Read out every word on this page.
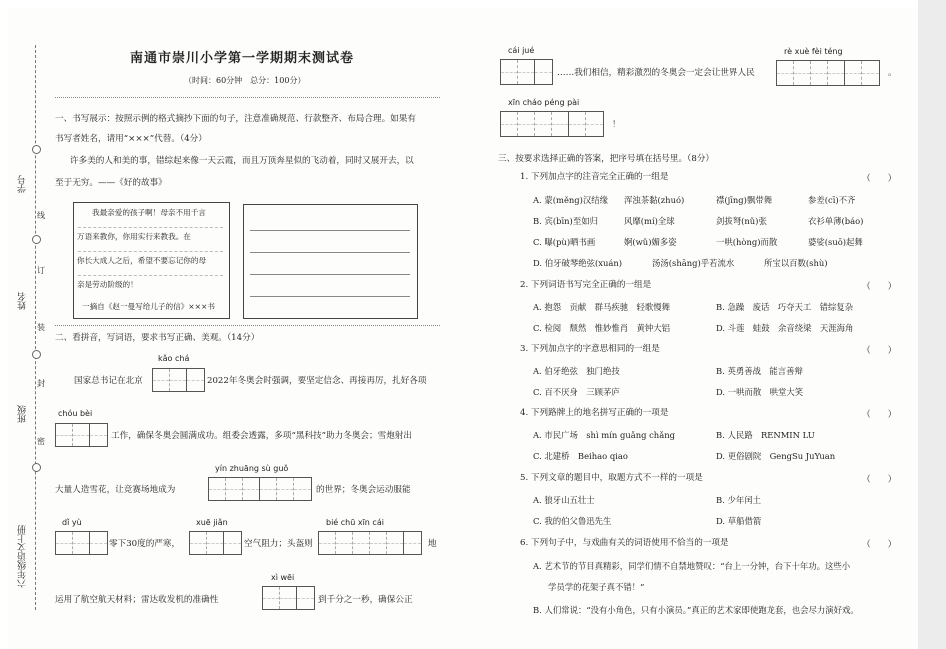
学号
姓名
班级
六年级语文上册
线
订
装
封
密
南通市崇川小学第一学期期末测试卷
（时间：60分钟　总分：100分）
一、书写展示：按照示例的格式摘抄下面的句子，注意准确规范、行款整齐、布局合理。如果有
书写者姓名，请用“×××”代替。（4分）
许多美的人和美的事，错综起来像一天云霞，而且万顶奔星似的飞动着，同时又展开去，以
至于无穷。——《好的故事》
我最亲爱的孩子啊！母亲不用千言
万语来教你，你用实行来教我。在
你长大成人之后，希望不要忘记你的母
亲是劳动阶级的！
一摘自《赵一曼写给儿子的信》×××书
二、看拼音，写词语，要求书写正确、美观。（14分）
kǎo chá
国家总书记在北京	2022年冬奥会时强调，要坚定信念、再接再厉，扎好各项
chóu bèi
工作，确保冬奥会圆满成功。组委会透露，多项“黑科技”助力冬奥会；雪炮射出
yín zhuāng sù guǒ
大量人造雪花，让竞赛场地成为	的世界；冬奥会运动服能
dǐ yù
零下30度的严寒，
xuē jiǎn
空气阻力；头盔则
bié chū xīn cái
地
xì wēi
运用了航空航天材料；雷达收发机的准确性	到千分之一秒，确保公正
cái jué
……我们相信，精彩激烈的冬奥会一定会让世界人民
rè xuè fèi téng
。
xīn cháo péng pài
！
三、按要求选择正确的答案，把序号填在括号里。（8分）
1. 下列加点字的注音完全正确的一组是	（　　）
A. 蒙(měng)汉结缘 浑浊茶黏(zhuó)	襟(jīng)飘带舞	参差(cī)不齐
B. 宾(bīn)至如归	风靡(mí)全球	剑拔弩(nǔ)张	衣衫单薄(báo)
C. 曝(pù)晒书画	婀(wǔ)媚多姿	一哄(hòng)而散	婆娑(suō)起舞
D. 伯牙破琴绝弦(xuán)	汤汤(shāng)乎若流水	所宝以百数(shù)
2. 下列词语书写完全正确的一组是	（　　）
A. 抱怨　贡献　群马疾驰　轻歌慢舞	B. 急躁　废话　巧夺天工　错综复杂
C. 检阅　颓然　惟妙惟肖　黄钟大铝	D. 斗莲　蛙鼓　余音绕梁　天涯海角
3. 下列加点字的字意思相同的一组是	（　　）
A. 伯牙绝弦　独门绝技	B. 英勇善战　能言善辩
C. 百不厌身　三顾茅庐	D. 一哄而散　哄堂大笑
4. 下列路牌上的地名拼写正确的一项是	（　　）
A. 市民广场　shì mín guǎng chǎng	B. 人民路　RENMIN LU
C. 北建桥　Beihao qiao	D. 更俗剧院　GengSu JuYuan
5. 下列文章的题目中，取题方式不一样的一项是	（　　）
A. 狼牙山五壮士	B. 少年闰土
C. 我的伯父鲁迅先生	D. 草船借箭
6. 下列句子中，与戏曲有关的词语使用不恰当的一项是	（　　）
A. 艺术节的节目真精彩，同学们情不自禁地赞叹：“台上一分钟，台下十年功。这些小
学员学的花架子真不错！”
B. 人们常说：“没有小角色，只有小演员。”真正的艺术家即使跑龙套，也会尽力演好戏。
